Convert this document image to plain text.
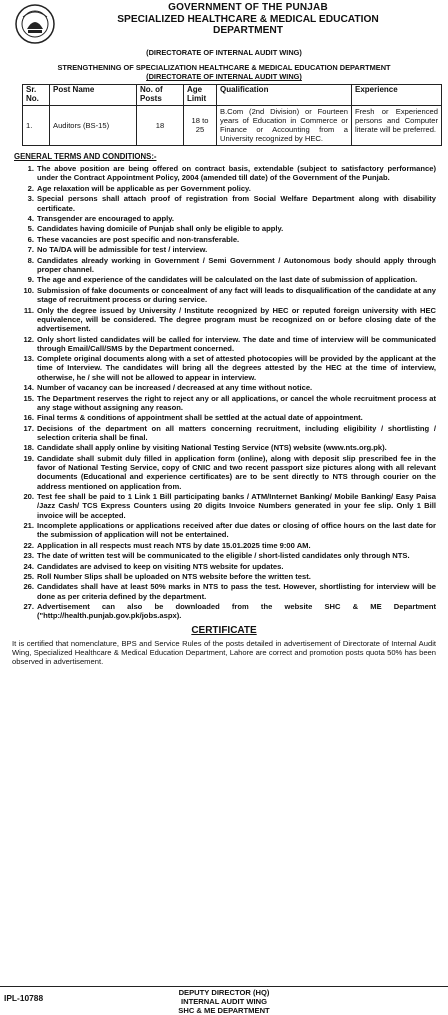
GOVERNMENT OF THE PUNJAB
SPECIALIZED HEALTHCARE & MEDICAL EDUCATION
DEPARTMENT
(DIRECTORATE OF INTERNAL AUDIT WING)
STRENGTHENING OF SPECIALIZATION HEALTHCARE & MEDICAL EDUCATION DEPARTMENT
(DIRECTORATE OF INTERNAL AUDIT WING)
Sr. No.	Post Name	No. of Posts	Age Limit	Qualification	Experience
1.	Auditors (BS-15)	18	18 to 25	B.Com (2nd Division) or Fourteen years of Education in Commerce or Finance or Accounting from a University recognized by HEC.	Fresh or Experienced persons and Computer literate will be preferred.
GENERAL TERMS AND CONDITIONS:-
1. The above position are being offered on contract basis, extendable (subject to satisfactory performance) under the Contract Appointment Policy, 2004 (amended till date) of the Government of the Punjab.
2. Age relaxation will be applicable as per Government policy.
3. Special persons shall attach proof of registration from Social Welfare Department along with disability certificate.
4. Transgender are encouraged to apply.
5. Candidates having domicile of Punjab shall only be eligible to apply.
6. These vacancies are post specific and non-transferable.
7. No TA/DA will be admissible for test / interview.
8. Candidates already working in Government / Semi Government / Autonomous body should apply through proper channel.
9. The age and experience of the candidates will be calculated on the last date of submission of application.
10. Submission of fake documents or concealment of any fact will leads to disqualification of the candidate at any stage of recruitment process or during service.
11. Only the degree issued by University / Institute recognized by HEC or reputed foreign university with HEC equivalence, will be considered. The degree program must be recognized on or before closing date of the advertisement.
12. Only short listed candidates will be called for interview. The date and time of interview will be communicated through Email/Call/SMS by the Department concerned.
13. Complete original documents along with a set of attested photocopies will be provided by the applicant at the time of Interview. The candidates will bring all the degrees attested by the HEC at the time of interview, otherwise, he / she will not be allowed to appear in interview.
14. Number of vacancy can be increased / decreased at any time without notice.
15. The Department reserves the right to reject any or all applications, or cancel the whole recruitment process at any stage without assigning any reason.
16. Final terms & conditions of appointment shall be settled at the actual date of appointment.
17. Decisions of the department on all matters concerning recruitment, including eligibility / shortlisting / selection criteria shall be final.
18. Candidate shall apply online by visiting National Testing Service (NTS) website (www.nts.org.pk).
19. Candidate shall submit duly filled in application form (online), along with deposit slip prescribed fee in the favor of National Testing Service, copy of CNIC and two recent passport size pictures along with all relevant documents (Educational and experience certificates) are to be sent directly to NTS through courier on the address mentioned on application from.
20. Test fee shall be paid to 1 Link 1 Bill participating banks / ATM/Internet Banking/ Mobile Banking/ Easy Paisa /Jazz Cash/ TCS Express Counters using 20 digits Invoice Numbers generated in your fee slip. Only 1 Bill invoice will be accepted.
21. Incomplete applications or applications received after due dates or closing of office hours on the last date for the submission of application will not be entertained.
22. Application in all respects must reach NTS by date 15.01.2025 time 9:00 AM.
23. The date of written test will be communicated to the eligible / short-listed candidates only through NTS.
24. Candidates are advised to keep on visiting NTS website for updates.
25. Roll Number Slips shall be uploaded on NTS website before the written test.
26. Candidates shall have at least 50% marks in NTS to pass the test. However, shortlisting for interview will be done as per criteria defined by the department.
27. Advertisement can also be downloaded from the website SHC & ME Department ("http://health.punjab.gov.pk/jobs.aspx).
CERTIFICATE
It is certified that nomenclature, BPS and Service Rules of the posts detailed in advertisement of Directorate of Internal Audit Wing, Specialized Healthcare & Medical Education Department, Lahore are correct and promotion posts quota 50% has been observed in advertisement.
IPL-10788
DEPUTY DIRECTOR (HQ)
INTERNAL AUDIT WING
SHC & ME DEPARTMENT
